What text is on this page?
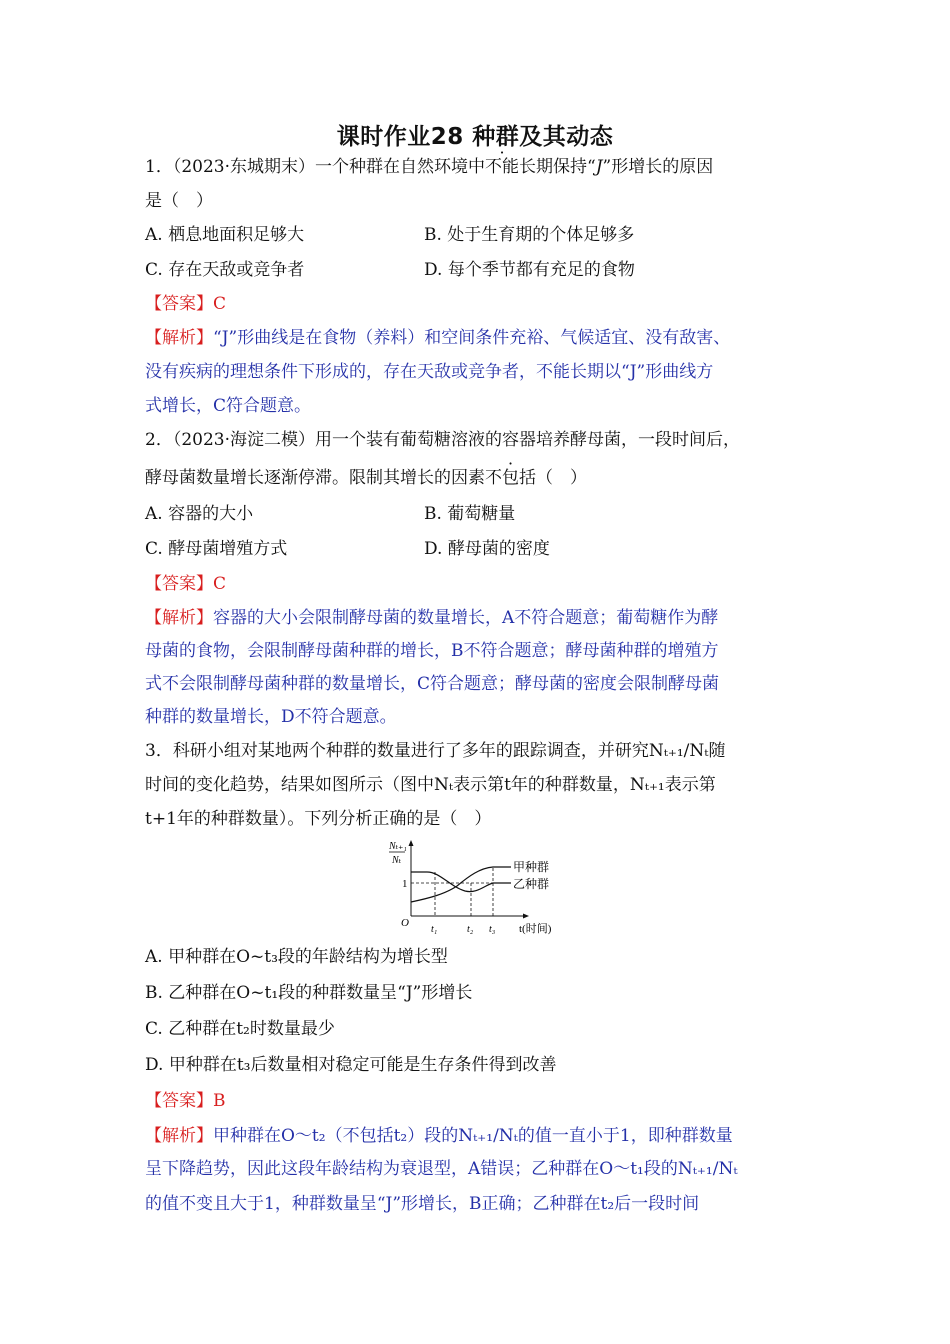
课时作业28 种群及其动态
1．（2023·东城期末）一个种群在自然环境中不能长期保持“J”形增长的原因
是（　）
A. 栖息地面积足够大	B. 处于生育期的个体足够多
C. 存在天敌或竞争者	D. 每个季节都有充足的食物
【答案】C
【解析】“J”形曲线是在食物（养料）和空间条件充裕、气候适宜、没有敌害、
没有疾病的理想条件下形成的，存在天敌或竞争者，不能长期以“J”形曲线方
式增长，C符合题意。
2．（2023·海淀二模）用一个装有葡萄糖溶液的容器培养酵母菌，一段时间后，
酵母菌数量增长逐渐停滞。限制其增长的因素不包括（　）
A. 容器的大小	B. 葡萄糖量
C. 酵母菌增殖方式	D. 酵母菌的密度
【答案】C
【解析】容器的大小会限制酵母菌的数量增长，A不符合题意；葡萄糖作为酵
母菌的食物，会限制酵母菌种群的增长，B不符合题意；酵母菌种群的增殖方
式不会限制酵母菌种群的数量增长，C符合题意；酵母菌的密度会限制酵母菌
种群的数量增长，D不符合题意。
3．科研小组对某地两个种群的数量进行了多年的跟踪调查，并研究Nₜ₊₁/Nₜ随
时间的变化趋势，结果如图所示（图中Nₜ表示第t年的种群数量，Nₜ₊₁表示第
t+1年的种群数量）。下列分析正确的是（　）
Nₜ₊₁
Nₜ
1
O
t₁	t₂ t₃ t(时间)
甲种群
乙种群
A. 甲种群在O~t₃段的年龄结构为增长型
B. 乙种群在O~t₁段的种群数量呈“J”形增长
C. 乙种群在t₂时数量最少
D. 甲种群在t₃后数量相对稳定可能是生存条件得到改善
【答案】B
【解析】甲种群在O～t₂（不包括t₂）段的Nₜ₊₁/Nₜ的值一直小于1，即种群数量
呈下降趋势，因此这段年龄结构为衰退型，A错误；乙种群在O～t₁段的Nₜ₊₁/Nₜ
的值不变且大于1，种群数量呈“J”形增长，B正确；乙种群在t₂后一段时间
